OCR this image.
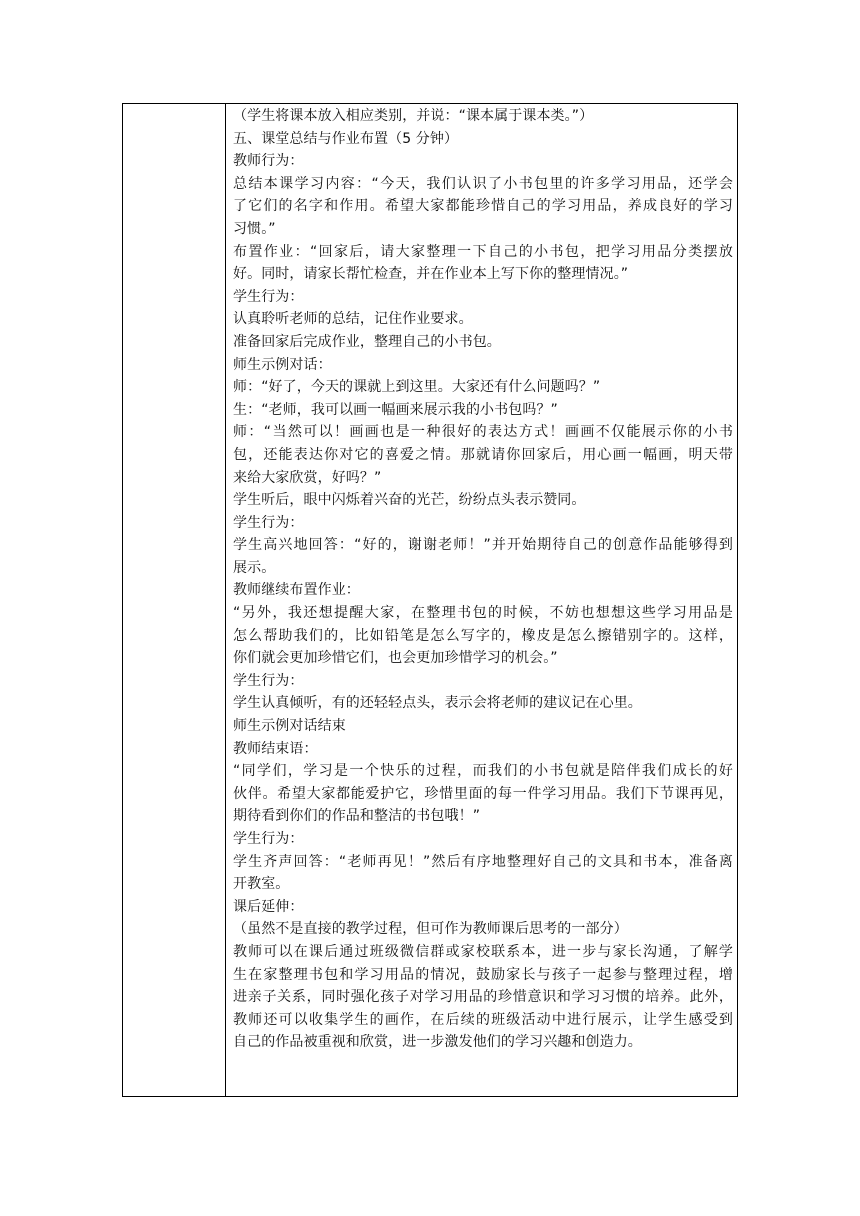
（学生将课本放入相应类别，并说：“课本属于课本类。”）
五、课堂总结与作业布置（5 分钟）
教师行为：
总结本课学习内容：“今天，我们认识了小书包里的许多学习用品，还学会
了它们的名字和作用。希望大家都能珍惜自己的学习用品，养成良好的学习
习惯。”
布置作业：“回家后，请大家整理一下自己的小书包，把学习用品分类摆放
好。同时，请家长帮忙检查，并在作业本上写下你的整理情况。”
学生行为：
认真聆听老师的总结，记住作业要求。
准备回家后完成作业，整理自己的小书包。
师生示例对话：
师：“好了，今天的课就上到这里。大家还有什么问题吗？”
生：“老师，我可以画一幅画来展示我的小书包吗？”
师：“当然可以！画画也是一种很好的表达方式！画画不仅能展示你的小书
包，还能表达你对它的喜爱之情。那就请你回家后，用心画一幅画，明天带
来给大家欣赏，好吗？”
学生听后，眼中闪烁着兴奋的光芒，纷纷点头表示赞同。
学生行为：
学生高兴地回答：“好的，谢谢老师！”并开始期待自己的创意作品能够得到
展示。
教师继续布置作业：
“另外，我还想提醒大家，在整理书包的时候，不妨也想想这些学习用品是
怎么帮助我们的，比如铅笔是怎么写字的，橡皮是怎么擦错别字的。这样，
你们就会更加珍惜它们，也会更加珍惜学习的机会。”
学生行为：
学生认真倾听，有的还轻轻点头，表示会将老师的建议记在心里。
师生示例对话结束
教师结束语：
“同学们，学习是一个快乐的过程，而我们的小书包就是陪伴我们成长的好
伙伴。希望大家都能爱护它，珍惜里面的每一件学习用品。我们下节课再见，
期待看到你们的作品和整洁的书包哦！”
学生行为：
学生齐声回答：“老师再见！”然后有序地整理好自己的文具和书本，准备离
开教室。
课后延伸：
（虽然不是直接的教学过程，但可作为教师课后思考的一部分）
教师可以在课后通过班级微信群或家校联系本，进一步与家长沟通，了解学
生在家整理书包和学习用品的情况，鼓励家长与孩子一起参与整理过程，增
进亲子关系，同时强化孩子对学习用品的珍惜意识和学习习惯的培养。此外，
教师还可以收集学生的画作，在后续的班级活动中进行展示，让学生感受到
自己的作品被重视和欣赏，进一步激发他们的学习兴趣和创造力。
